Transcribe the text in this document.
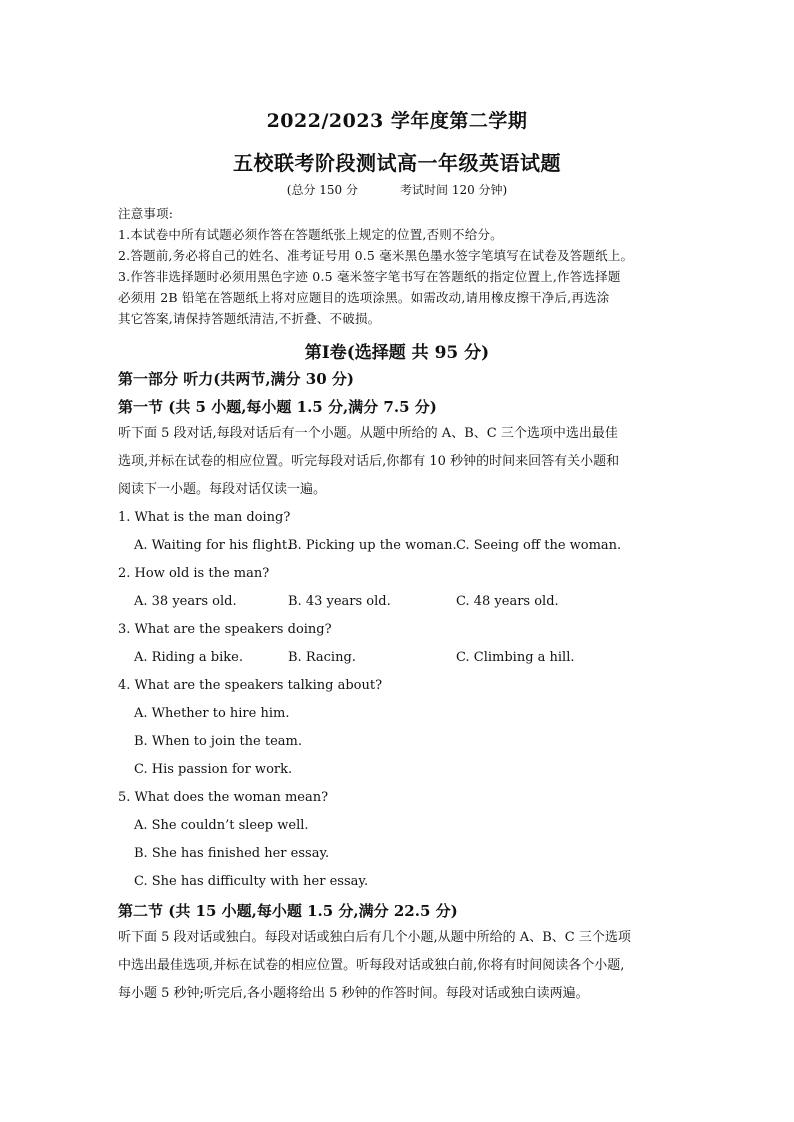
2022/2023 学年度第二学期
五校联考阶段测试高一年级英语试题
(总分 150 分	考试时间 120 分钟)
注意事项:
1.本试卷中所有试题必须作答在答题纸张上规定的位置,否则不给分。
2.答题前,务必将自己的姓名、准考证号用 0.5 毫米黑色墨水签字笔填写在试卷及答题纸上。
3.作答非选择题时必须用黑色字迹 0.5 毫米签字笔书写在答题纸的指定位置上,作答选择题
必须用 2B 铅笔在答题纸上将对应题目的选项涂黑。如需改动,请用橡皮擦干净后,再选涂
其它答案,请保持答题纸清洁,不折叠、不破损。
第Ⅰ卷(选择题 共 95 分)
第一部分 听力(共两节,满分 30 分)
第一节 (共 5 小题,每小题 1.5 分,满分 7.5 分)
听下面 5 段对话,每段对话后有一个小题。从题中所给的 A、B、C 三个选项中选出最佳
选项,并标在试卷的相应位置。听完每段对话后,你都有 10 秒钟的时间来回答有关小题和
阅读下一小题。每段对话仅读一遍。
1. What is the man doing?
A. Waiting for his flight.
B. Picking up the woman. C. Seeing off the woman.
2. How old is the man?
A. 38 years old.	B. 43 years old.	C. 48 years old.
3. What are the speakers doing?
A. Riding a bike.	B. Racing.	C. Climbing a hill.
4. What are the speakers talking about?
A. Whether to hire him.
B. When to join the team.
C. His passion for work.
5. What does the woman mean?
A. She couldn’t sleep well.
B. She has finished her essay.
C. She has difficulty with her essay.
第二节 (共 15 小题,每小题 1.5 分,满分 22.5 分)
听下面 5 段对话或独白。每段对话或独白后有几个小题,从题中所给的 A、B、C 三个选项
中选出最佳选项,并标在试卷的相应位置。听每段对话或独白前,你将有时间阅读各个小题,
每小题 5 秒钟;听完后,各小题将给出 5 秒钟的作答时间。每段对话或独白读两遍。
